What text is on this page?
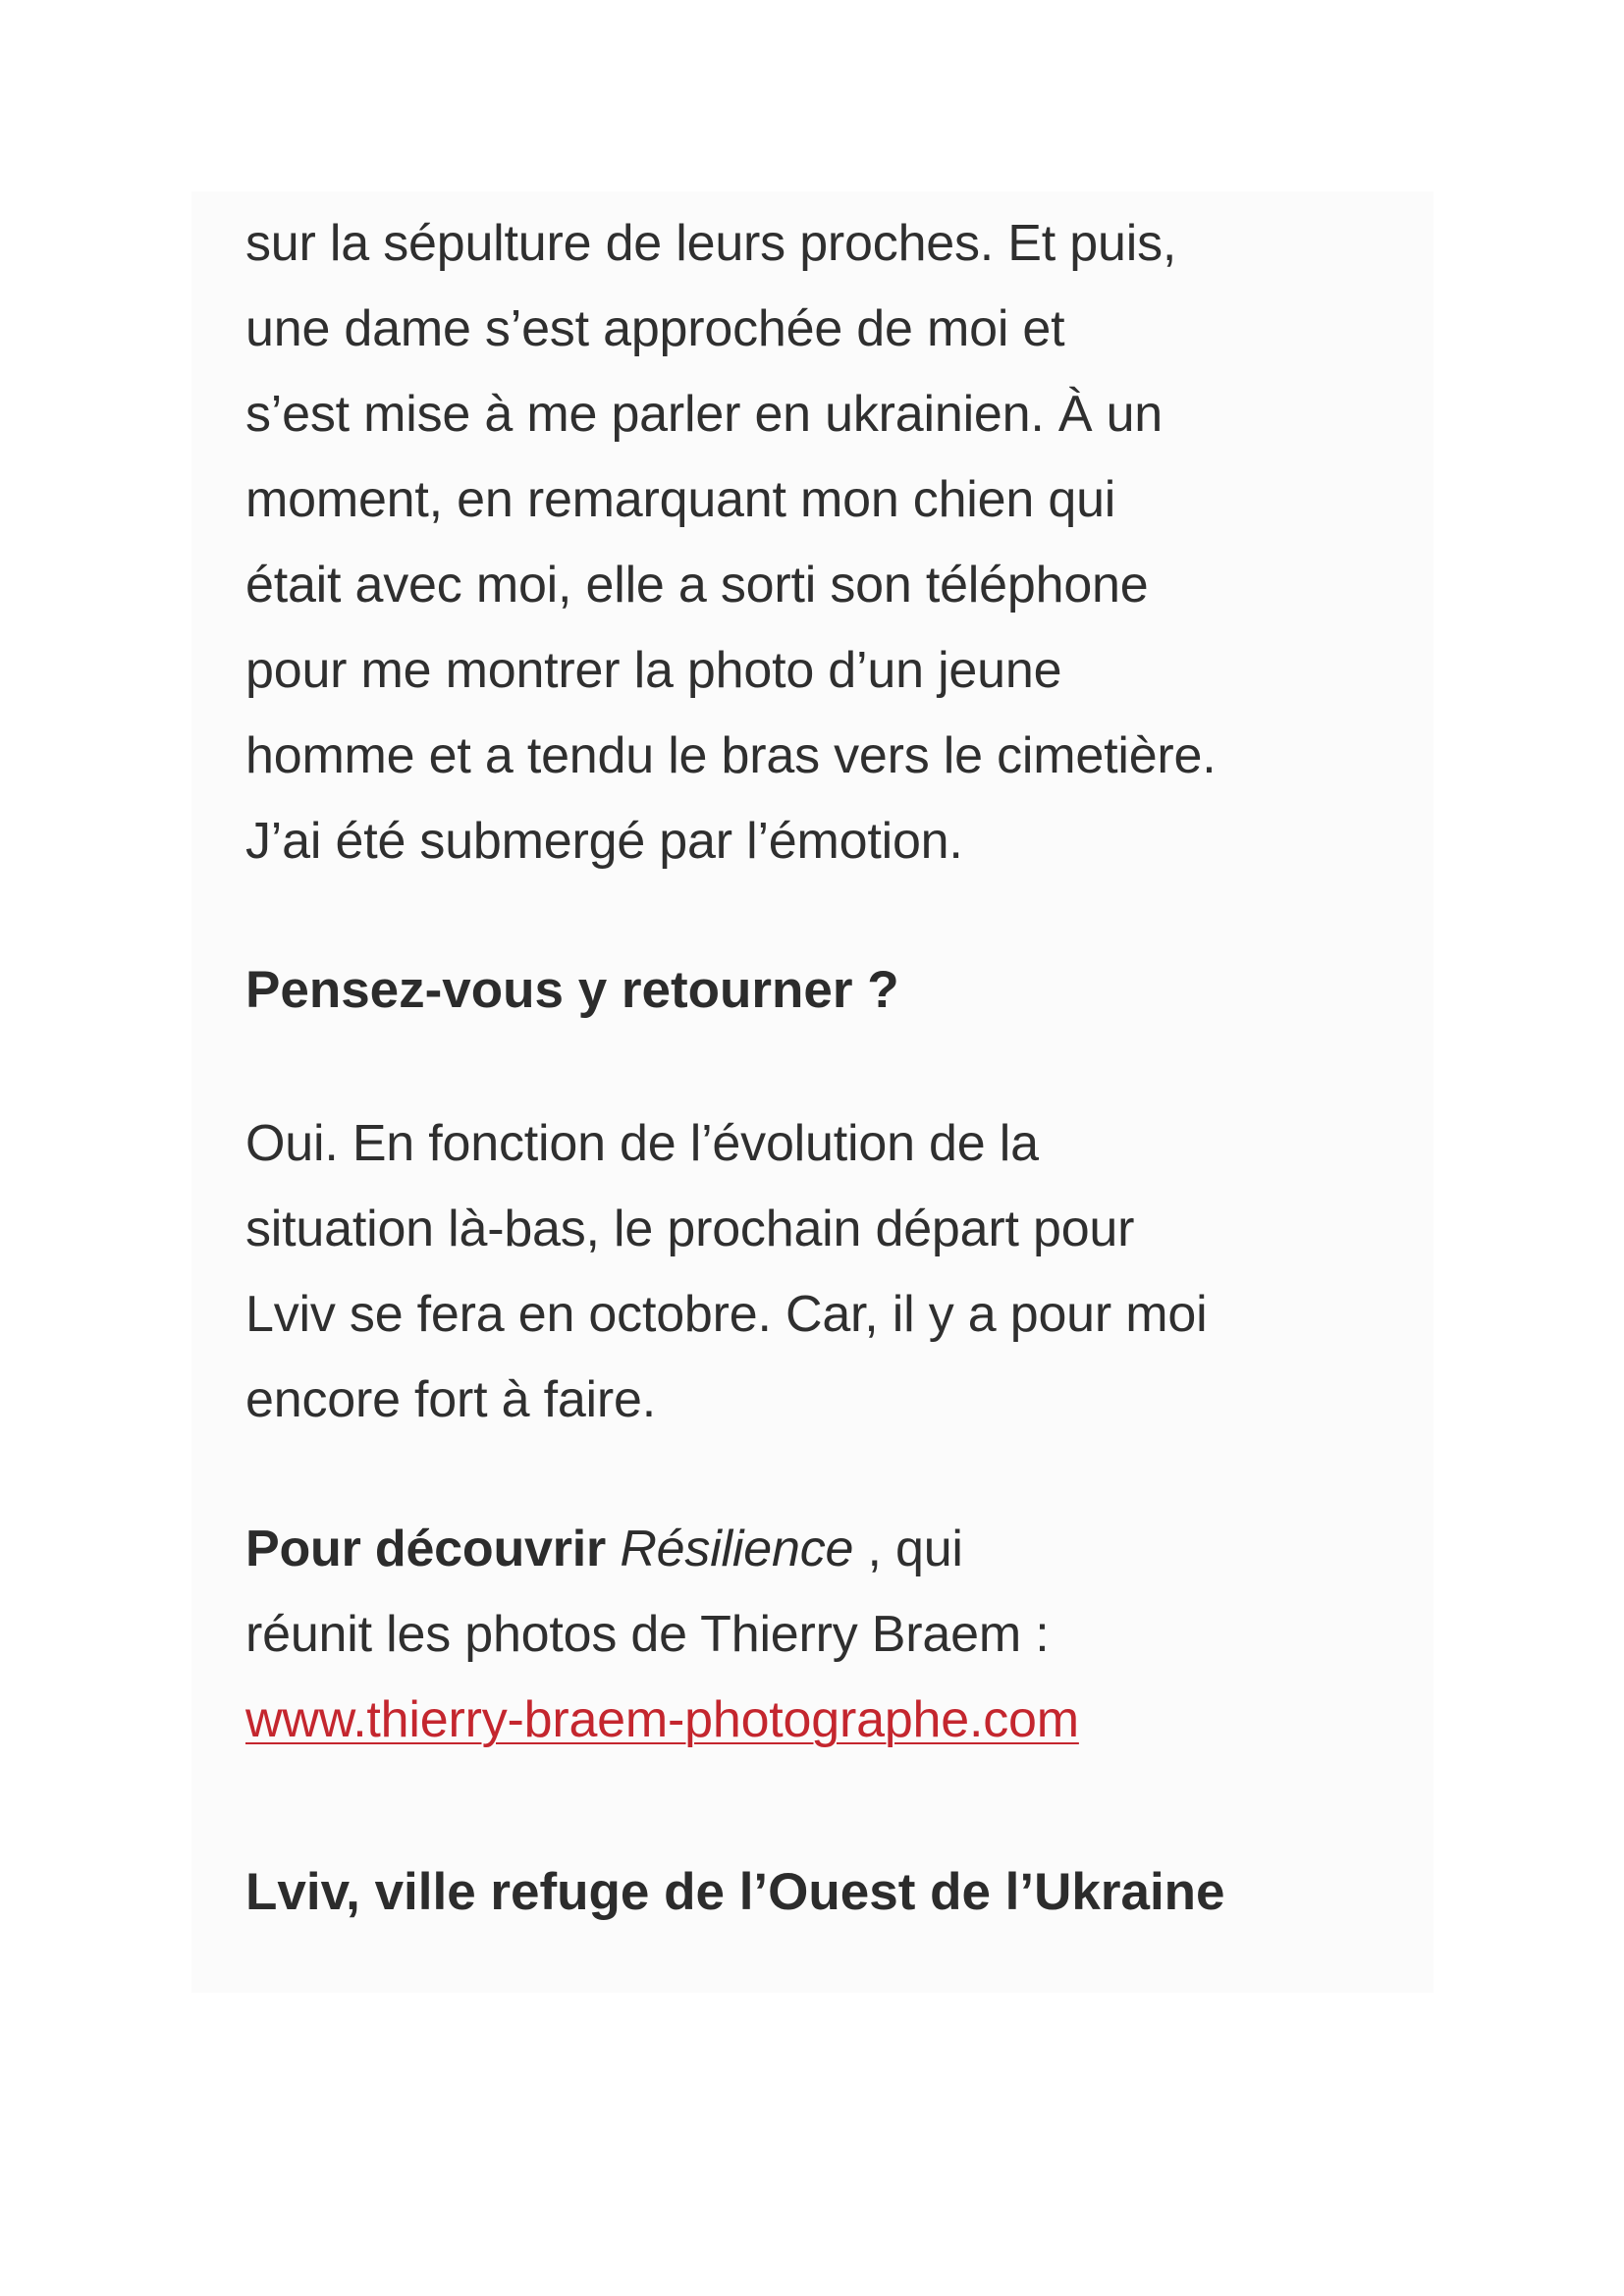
sur la sépulture de leurs proches. Et puis,
une dame s’est approchée de moi et
s’est mise à me parler en ukrainien. À un
moment, en remarquant mon chien qui
était avec moi, elle a sorti son téléphone
pour me montrer la photo d’un jeune
homme et a tendu le bras vers le cimetière.
J’ai été submergé par l’émotion.

Pensez-vous y retourner ?

Oui. En fonction de l’évolution de la
situation là-bas, le prochain départ pour
Lviv se fera en octobre. Car, il y a pour moi
encore fort à faire.

Pour découvrir Résilience , qui
réunit les photos de Thierry Braem :
www.thierry-braem-photographe.com

Lviv, ville refuge de l’Ouest de l’Ukraine
